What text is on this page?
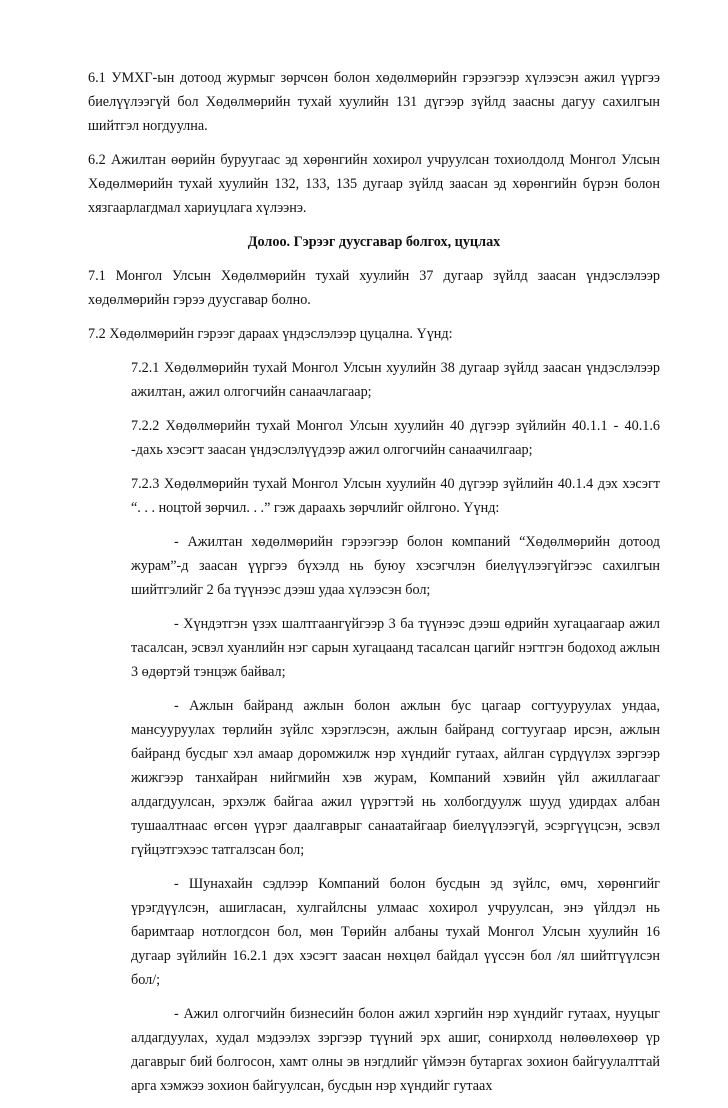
6.1 УМХГ-ын дотоод журмыг зөрчсөн болон хөдөлмөрийн гэрээгээр хүлээсэн ажил үүргээ биелүүлээгүй бол Хөдөлмөрийн тухай хуулийн 131 дүгээр зүйлд заасны дагуу сахилгын шийтгэл ногдуулна.

6.2 Ажилтан өөрийн буруугаас эд хөрөнгийн хохирол учруулсан тохиолдолд Монгол Улсын Хөдөлмөрийн тухай хуулийн 132, 133, 135 дугаар зүйлд заасан эд хөрөнгийн бүрэн болон хязгаарлагдмал хариуцлага хүлээнэ.

Долоо. Гэрээг дуусгавар болгох, цуцлах

7.1 Монгол Улсын Хөдөлмөрийн тухай хуулийн 37 дугаар зүйлд заасан үндэслэлээр хөдөлмөрийн гэрээ дуусгавар болно.

7.2 Хөдөлмөрийн гэрээг дараах үндэслэлээр цуцална. Үүнд:

7.2.1 Хөдөлмөрийн тухай Монгол Улсын хуулийн 38 дугаар зүйлд заасан үндэслэлээр ажилтан, ажил олгогчийн санаачлагаар;

7.2.2 Хөдөлмөрийн тухай Монгол Улсын хуулийн 40 дүгээр зүйлийн 40.1.1 - 40.1.6 -дахь хэсэгт заасан үндэслэлүүдээр ажил олгогчийн санаачилгаар;

7.2.3 Хөдөлмөрийн тухай Монгол Улсын хуулийн 40 дүгээр зүйлийн 40.1.4 дэх хэсэгт “. . . ноцтой зөрчил. . .” гэж дараахь зөрчлийг ойлгоно. Үүнд:

- Ажилтан хөдөлмөрийн гэрээгээр болон компаний “Хөдөлмөрийн дотоод журам”-д заасан үүргээ бүхэлд нь буюу хэсэгчлэн биелүүлээгүйгээс сахилгын шийтгэлийг 2 ба түүнээс дээш удаа хүлээсэн бол;

- Хүндэтгэн үзэх шалтгаангүйгээр 3 ба түүнээс дээш өдрийн хугацаагаар ажил тасалсан, эсвэл хуанлийн нэг сарын хугацаанд тасалсан цагийг нэгтгэн бодоход ажлын 3 өдөртэй тэнцэж байвал;

- Ажлын байранд ажлын болон ажлын бус цагаар согтууруулах ундаа, мансууруулах төрлийн зүйлс хэрэглэсэн, ажлын байранд согтуугаар ирсэн, ажлын байранд бусдыг хэл амаар доромжилж нэр хүндийг гутаах, айлган сүрдүүлэх зэргээр жижгээр танхайран нийгмийн хэв журам, Компаний хэвийн үйл ажиллагааг алдагдуулсан, эрхэлж байгаа ажил үүрэгтэй нь холбогдуулж шууд удирдах албан тушаалтнаас өгсөн үүрэг даалгаврыг санаатайгаар биелүүлээгүй, эсэргүүцсэн, эсвэл гүйцэтгэхээс татгалзсан бол;

- Шунахайн сэдлээр Компаний болон бусдын эд зүйлс, өмч, хөрөнгийг үрэгдүүлсэн, ашигласан, хулгайлсны улмаас хохирол учруулсан, энэ үйлдэл нь баримтаар нотлогдсон бол, мөн Төрийн албаны тухай Монгол Улсын хуулийн 16 дугаар зүйлийн 16.2.1 дэх хэсэгт заасан нөхцөл байдал үүссэн бол /ял шийтгүүлсэн бол/;

- Ажил олгогчийн бизнесийн болон ажил хэргийн нэр хүндийг гутаах, нууцыг алдагдуулах, худал мэдээлэх зэргээр түүний эрх ашиг, сонирхолд нөлөөлөхөөр үр дагаврыг бий болгосон, хамт олны эв нэгдлийг үймээн бутаргах зохион байгуулалттай арга хэмжээ зохион байгуулсан, бусдын нэр хүндийг гутаах
